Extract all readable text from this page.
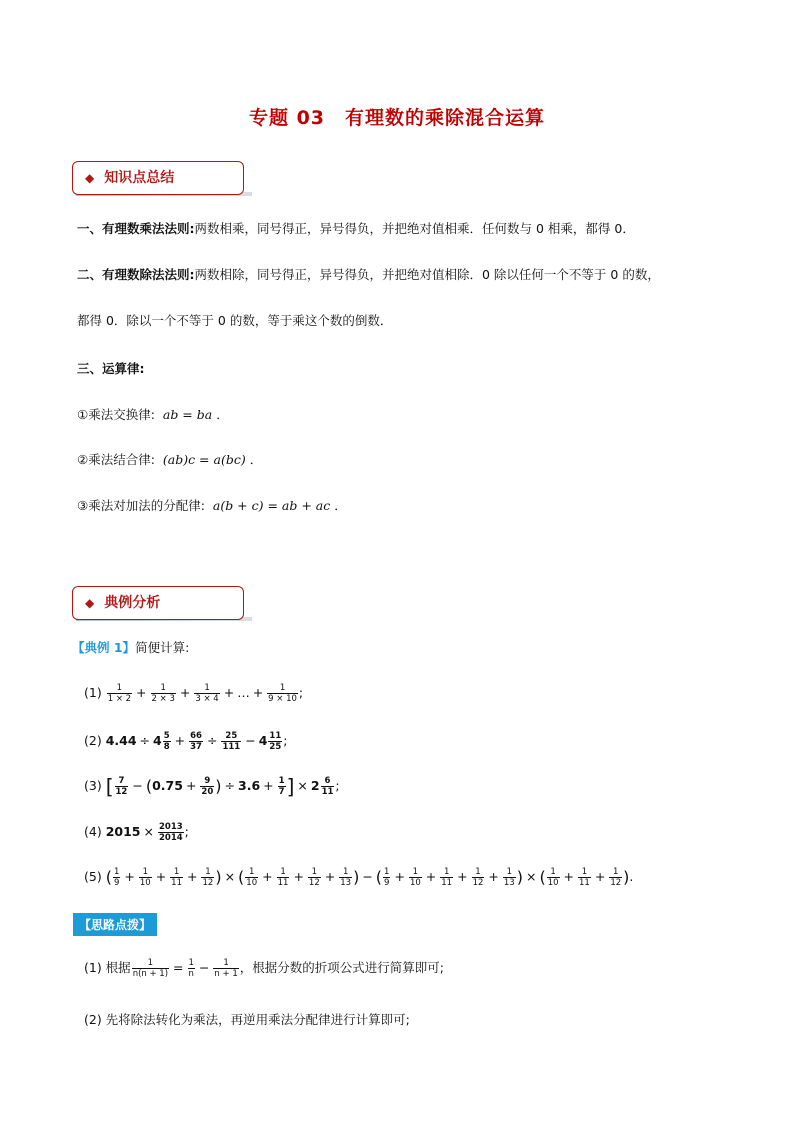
专题 03　有理数的乘除混合运算
◆ 知识点总结
一、有理数乘法法则:两数相乘，同号得正，异号得负，并把绝对值相乘．任何数与 0 相乘，都得 0．
二、有理数除法法则:两数相除，同号得正，异号得负，并把绝对值相除．0 除以任何一个不等于 0 的数，
都得 0．除以一个不等于 0 的数，等于乘这个数的倒数．
三、运算律:
①乘法交换律: ab = ba ．
②乘法结合律: (ab)c = a(bc) ．
③乘法对加法的分配律: a(b + c) = ab + ac ．
◆ 典例分析
【典例 1】简便计算:
$(1) \frac{1}{1 \times 2} + \frac{1}{2 \times 3} + \frac{1}{3 \times 4}$ + … + $\frac{1}{9 \times 10}$ ;
(2) $4.44 \div 4 \frac{5}{8} + \frac{66}{37} \div \frac{25}{111} - 4 \frac{11}{25}$ ;
(3) [ $\frac{7}{12} - (0.75 + \frac{9}{20}$ ) ÷ $3.6 + \frac{1}{7}$ ] × $2 \frac{6}{11}$ ;
(4) $2015 \times \frac{2013}{2014}$ ;
(5) ( $\frac{1}{9} + \frac{1}{10} + \frac{1}{11} + \frac{1}{12}$ ) × ( $\frac{1}{10} + \frac{1}{11} + \frac{1}{12} + \frac{1}{13}$ ) − ( $\frac{1}{9} + \frac{1}{10} + \frac{1}{11} + \frac{1}{12} + \frac{1}{13}$ ) × ( $\frac{1}{10} + \frac{1}{11} + \frac{1}{12}$ ).
【思路点拨】
(1) 根据 $\frac{1}{n(n + 1)} = \frac{1}{n} - \frac{1}{n + 1}$ ，根据分数的折项公式进行简算即可;
(2) 先将除法转化为乘法，再逆用乘法分配律进行计算即可;
